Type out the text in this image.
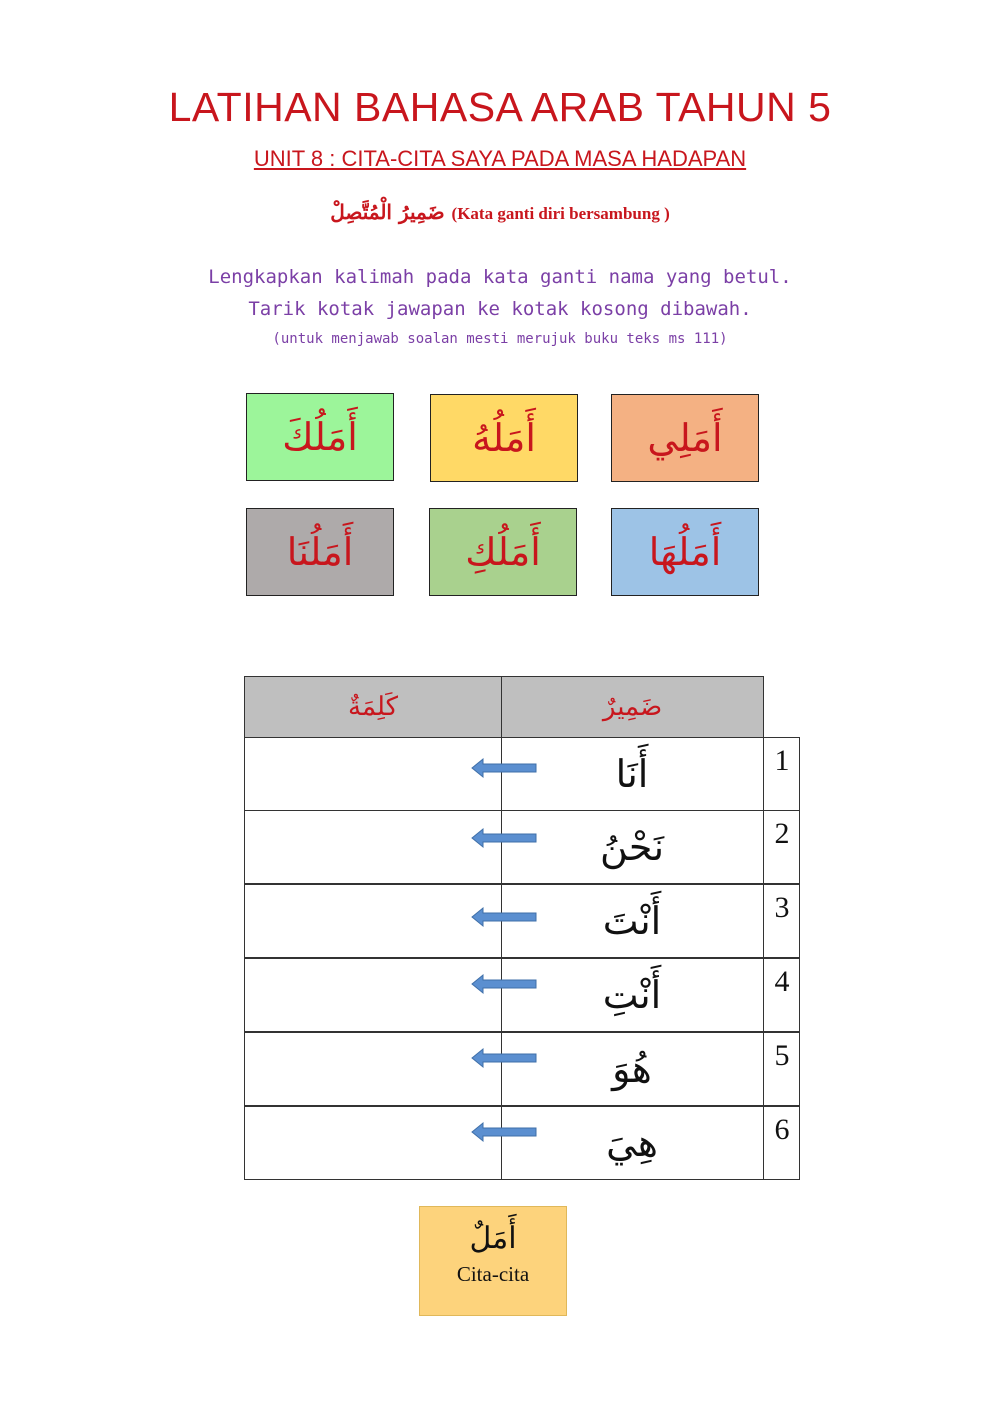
LATIHAN BAHASA ARAB TAHUN 5
UNIT 8 : CITA-CITA SAYA PADA MASA HADAPAN
ضَمِيرُ الْمُتَّصِلْ (Kata ganti diri bersambung )
Lengkapkan kalimah pada kata ganti nama yang betul.
Tarik kotak jawapan ke kotak kosong dibawah.
(untuk menjawab soalan mesti merujuk buku teks ms 111)
أَمَلُكَ	أَمَلُهُ	أَمَلِي
أَمَلُنَا	أَمَلُكِ	أَمَلُهَا
كَلِمَةٌ	ضَمِيرٌ
أَنَا	1
نَحْنُ	2
أَنْتَ	3
أَنْتِ	4
هُوَ	5
هِيَ	6
أَمَلٌ
Cita-cita
